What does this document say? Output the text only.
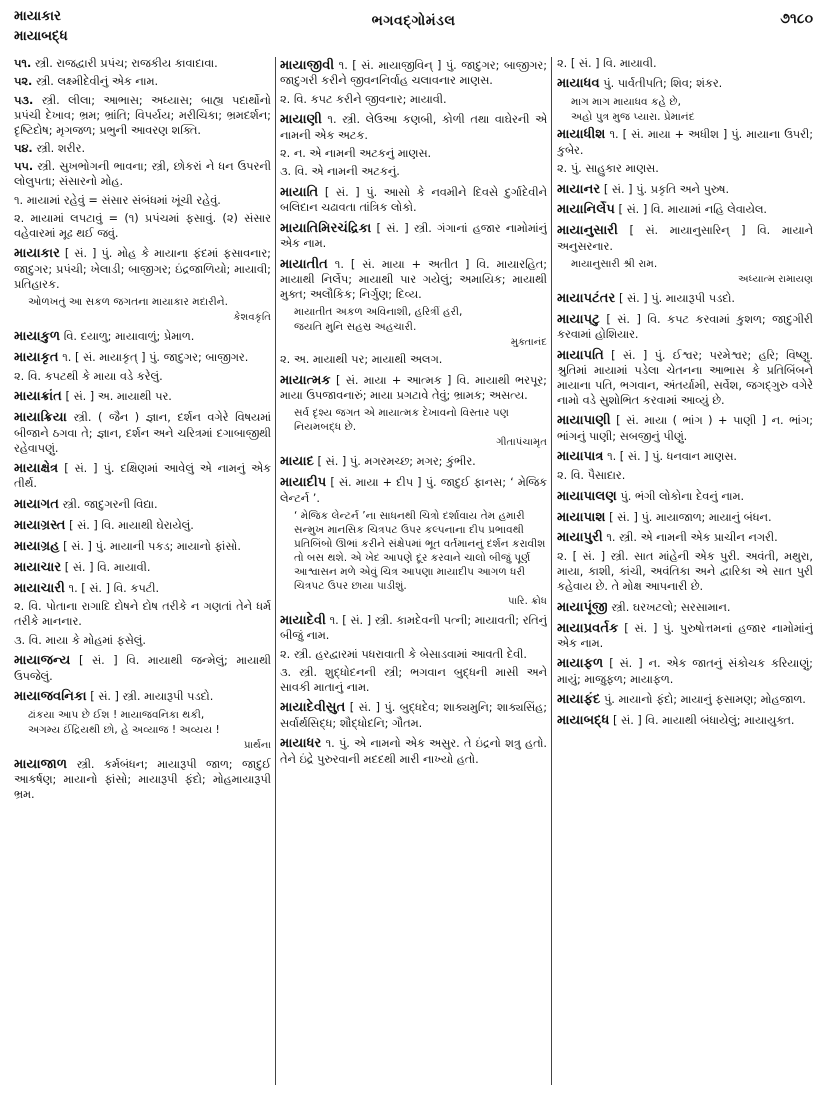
માયાકાર
માયાબદ્ધ
ભગવદ્ગોમંડલ	૭૧૮૦

૫૧. સ્ત્રી. રાજદ્વારી પ્રપંચ; રાજકીય કાવાદાવા.

૫૨. સ્ત્રી. લક્ષ્મીદેવીનું એક નામ.

૫૩. સ્ત્રી. લીલા; આભાસ; અધ્યાસ; બાહ્ય પદાર્થોનો પ્રપંચી દેખાવ; ભ્રમ; ભ્રાંતિ; વિપર્યય; મરીચિકા; ભ્રમદર્શન; દૃષ્ટિદોષ; મૃગજળ; પ્રભુની આવરણ શક્તિ.

૫૪. સ્ત્રી. શરીર.

૫૫. સ્ત્રી. સુખભોગની ભાવના; સ્ત્રી, છોકરાં ને ધન ઉપરની લોલુપતા; સંસારનો મોહ.

૧. માયામાં રહેવું = સંસાર સંબંધમાં ખૂંચી રહેવું.

૨. માયામાં લપટાવું = (૧) પ્રપંચમાં ફસાવું. (૨) સંસાર વહેવારમાં મૂઢ થઈ જવું.

માયાકાર [ સં. ] પું. મોહ કે માયાના ફંદમાં ફસાવનાર; જાદુગર; પ્રપંચી; ખેલાડી; બાજીગર; ઇંદ્રજાળિયો; માયાવી; પ્રતિહારક.

ઓળખતું આ સકળ જગતના માયાકાર મદારીને.

કેશવકૃતિ

માયાકુળ વિ. દયાળુ; માયાવાળું; પ્રેમાળ.

માયાકૃત ૧. [ સં. માયાકૃત્ ] પું. જાદુગર; બાજીગર.

૨. વિ. કપટથી કે માયા વડે કરેલું.

માયાક્રાંત [ સં. ] અ. માયાથી પર.

માયાક્રિયા સ્ત્રી. ( જૈન ) જ્ઞાન, દર્શન વગેરે વિષયમાં બીજાને ઠગવા તે; જ્ઞાન, દર્શન અને ચરિત્રમાં દગાબાજીથી રહેવાપણું.

માયાક્ષેત્ર [ સં. ] પું. દક્ષિણમાં આવેલું એ નામનું એક તીર્થ.

માયાગત સ્ત્રી. જાદુગરની વિદ્યા.

માયાગ્રસ્ત [ સં. ] વિ. માયાથી ઘેરાયેલું.

માયાગ્રહ [ સં. ] પું. માયાની પકડ; માયાનો ફાંસો.

માયાચાર [ સં. ] વિ. માયાવી.

માયાચારી ૧. [ સં. ] વિ. કપટી.

૨. વિ. પોતાના રાગાદિ દોષને દોષ તરીકે ન ગણતાં તેને ધર્મ તરીકે માનનાર.

૩. વિ. માયા કે મોહમાં ફસેલું.

માયાજન્ય [ સં. ] વિ. માયાથી જન્મેલું; માયાથી ઉપજેલું.

માયાજવનિકા [ સં. ] સ્ત્રી. માયારૂપી પડદો.

ઢાંકયા આપ છે ઈશ ! માયાજવનિકા થકી,

અગમ્ય ઈંદ્રિયથી છો, હે અવ્યાજ ! અવ્યય !

પ્રાર્થના

માયાજાળ સ્ત્રી. કર્મબંધન; માયારૂપી જાળ; જાદુઈ આકર્ષણ; માયાનો ફાંસો; માયારૂપી ફંદો; મોહમાયારૂપી ભ્રમ.

માયાજીવી ૧. [ સં. માયાજીવિન્ ] પું. જાદુગર; બાજીગર; જાદુગરી કરીને જીવનનિર્વાહ ચલાવનાર માણસ.

૨. વિ. કપટ કરીને જીવનાર; માયાવી.

માયાણી ૧. સ્ત્રી. લેઉઆ કણબી, કોળી તથા વાઘેરની એ નામની એક અટક.

૨. ન. એ નામની અટકનું માણસ.

૩. વિ. એ નામની અટકનું.

માયાતિ [ સં. ] પું. આસો કે નવમીને દિવસે દુર્ગાદેવીને બલિદાન ચઢાવતા તાંત્રિક લોકો.

માયાતિમિરચંદ્રિકા [ સં. ] સ્ત્રી. ગંગાનાં હજાર નામોમાંનું એક નામ.

માયાતીત ૧. [ સં. માયા + અતીત ] વિ. માયારહિત; માયાથી નિર્લેપ; માયાથી પાર ગયેલું; અમાયિક; માયાથી મુક્ત; અલૌકિક; નિર્ગુણ; દિવ્ય.

માયાતીત અકળ અવિનાશી, હરિત્રીં હરી,

જયતિ મુનિ સહસ્ર અહચારી.

મુક્તાનંદ

૨. અ. માયાથી પર; માયાથી અલગ.

માયાત્મક [ સં. માયા + આત્મક ] વિ. માયાથી ભરપૂર; માયા ઉપજાવનારું; માયા પ્રગટાવે તેવું; ભ્રામક; અસત્ય.

સર્વ દૃશ્ય જગત એ માયાત્મક દેખાવનો વિસ્તાર પણ નિયમબદ્ધ છે.

ગીતાપંચામૃત

માયાદ [ સં. ] પું. મગરમચ્છ; મગર; કુંભીર.

માયાદીપ [ સં. માયા + દીપ ] પું. જાદુઈ ફાનસ; ‘ મેજિક લેન્ટર્ન ’.

‘ મેજિક લેન્ટર્ન ’ના સાધનથી ચિત્રો દર્શાવાય તેમ હમારી સન્મુખ માનસિક ચિત્રપટ ઉપર કલ્પનાના દીપ પ્રભાવથી પ્રતિબિંબો ઊભાં કરીને સંક્ષેપમાં ભૂત વર્તમાનનું દર્શન કરાવીશ તો બસ થશે. એ ખેદ આપણે દૂર કરવાને ચાલો બીજું પૂર્ણ આશ્વાસન મળે એવું ચિત્ર આપણા માયાદીપ આગળ ધરી ચિત્રપટ ઉપર છાયા પાડીશું.

પારિ. ક્રોધ

માયાદેવી ૧. [ સં. ] સ્ત્રી. કામદેવની પત્ની; માયાવતી; રતિનું બીજું નામ.

૨. સ્ત્રી. હરદ્વારમાં પધરાવાતી કે બેસાડવામાં આવતી દેવી.

૩. સ્ત્રી. શુદ્ધોદનની સ્ત્રી; ભગવાન બુદ્ધની માસી અને સાવકી માતાનું નામ.

માયાદેવીસુત [ સં. ] પું. બુદ્ધદેવ; શાક્યમુનિ; શાક્યસિંહ; સર્વાર્થસિદ્ધ; શૌદ્ધોદનિ; ગૌતમ.

માયાધર ૧. પું. એ નામનો એક અસુર. તે ઇંદ્રનો શત્રુ હતો. તેને ઇંદ્રે પુરુરવાની મદદથી મારી નાખ્યો હતો.

૨. [ સં. ] વિ. માયાવી.

માયાધવ પું. પાર્વતીપતિ; શિવ; શંકર.

માગ માગ માયાધવ કહે છે,

અહો પુત્ર મુજ પ્યારા. પ્રેમાનંદ

માયાધીશ ૧. [ સં. માયા + અધીશ ] પું. માયાના ઉપરી; કુબેર.

૨. પું. સાહુકાર માણસ.

માયાનર [ સં. ] પું. પ્રકૃતિ અને પુરુષ.

માયાનિર્લેપ [ સં. ] વિ. માયામાં નહિ લેવાયેલ.

માયાનુસારી [ સં. માયાનુસારિન્ ] વિ. માયાને અનુસરનાર.

માયાનુસારી શ્રી રામ.

અધ્યાત્મ રામાયણ

માયાપટંતર [ સં. ] પું. માયારૂપી પડદો.

માયાપટુ [ સં. ] વિ. કપટ કરવામાં કુશળ; જાદુગીરી કરવામાં હોશિયાર.

માયાપતિ [ સં. ] પું. ઈશ્વર; પરમેશ્વર; હરિ; વિષ્ણુ. શ્રુતિમાં માયામાં પડેલા ચેતનના આભાસ કે પ્રતિબિંબને માયાના પતિ, ભગવાન, અંતર્યામી, સર્વેશ, જગદ્ગુરુ વગેરે નામો વડે સુશોભિત કરવામાં આવ્યું છે.

માયાપાણી [ સં. માયા ( ભાંગ ) + પાણી ] ન. ભાંગ; ભાંગનું પાણી; સબજીનું પીણું.

માયાપાત્ર ૧. [ સં. ] પું. ધનવાન માણસ.

૨. વિ. પૈસાદાર.

માયાપાલણ પું. ભંગી લોકોના દેવનું નામ.

માયાપાશ [ સં. ] પું. માયાજાળ; માયાનું બંધન.

માયાપુરી ૧. સ્ત્રી. એ નામની એક પ્રાચીન નગરી.

૨. [ સં. ] સ્ત્રી. સાત માંહેની એક પુરી. અવંતી, મથુરા, માયા, કાશી, કાંચી, અવંતિકા અને દ્વારિકા એ સાત પુરી કહેવાય છે. તે મોક્ષ આપનારી છે.

માયાપૂંજી સ્ત્રી. ઘરખટલો; સરસામાન.

માયાપ્રવર્તક [ સં. ] પું. પુરુષોત્તમનાં હજાર નામોમાંનું એક નામ.

માયાફળ [ સં. ] ન. એક જાતનું સંકોચક કરિયાણું; માયું; માજુફળ; માયાફળ.

માયાફંદ પું. માયાનો ફંદો; માયાનું ફસામણ; મોહજાળ.

માયાબદ્ધ [ સં. ] વિ. માયાથી બંધાયેલું; માયાયુક્ત.
